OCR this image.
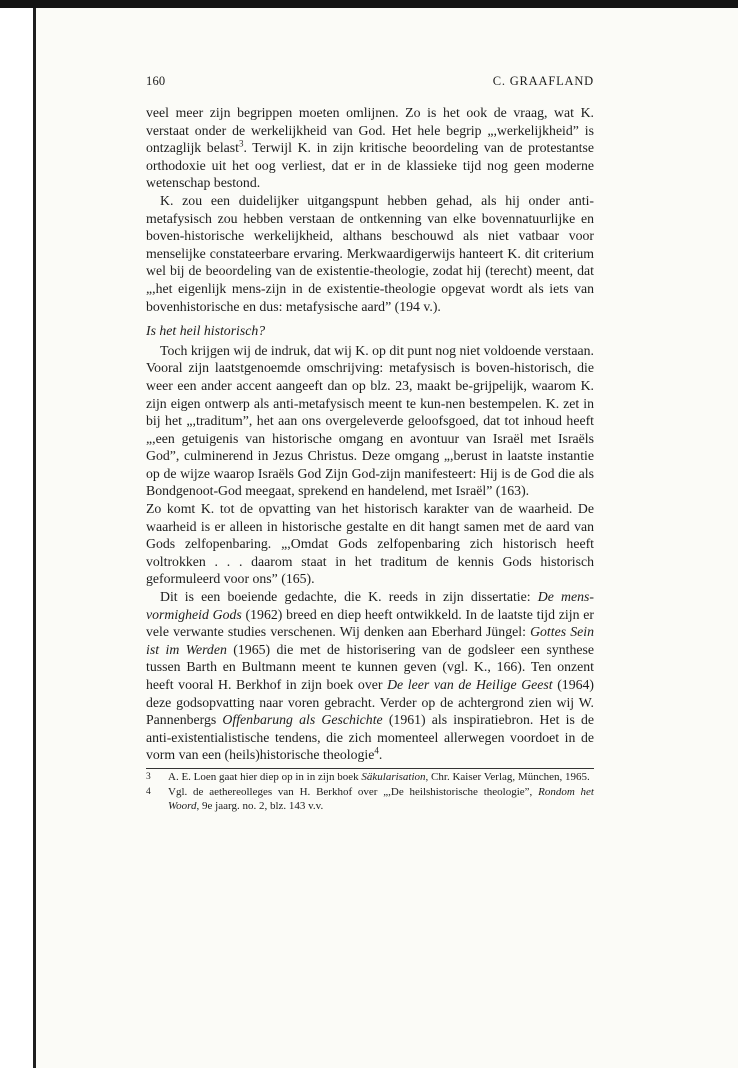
160	C. GRAAFLAND

veel meer zijn begrippen moeten omlijnen. Zo is het ook de vraag, wat K. verstaat onder de werkelijkheid van God. Het hele begrip „,werkelijkheid” is ontzaglijk belast$^3$. Terwijl K. in zijn kritische beoordeling van de protestantse orthodoxie uit het oog verliest, dat er in de klassieke tijd nog geen moderne wetenschap bestond.

K. zou een duidelijker uitgangspunt hebben gehad, als hij onder anti-metafysisch zou hebben verstaan de ontkenning van elke bovennatuurlijke en boven-historische werkelijkheid, althans beschouwd als niet vatbaar voor menselijke constateerbare ervaring. Merkwaardigerwijs hanteert K. dit criterium wel bij de beoordeling van de existentie-theologie, zodat hij (terecht) meent, dat „,het eigenlijk mens-zijn in de existentie-theologie opgevat wordt als iets van bovenhistorische en dus: metafysische aard” (194 v.).

Is het heil historisch?

Toch krijgen wij de indruk, dat wij K. op dit punt nog niet voldoende verstaan. Vooral zijn laatstgenoemde omschrijving: metafysisch is boven-historisch, die weer een ander accent aangeeft dan op blz. 23, maakt be-grijpelijk, waarom K. zijn eigen ontwerp als anti-metafysisch meent te kun-nen bestempelen. K. zet in bij het „,traditum”, het aan ons overgeleverde geloofsgoed, dat tot inhoud heeft „,een getuigenis van historische omgang en avontuur van Israël met Israëls God”, culminerend in Jezus Christus. Deze omgang „,berust in laatste instantie op de wijze waarop Israëls God Zijn God-zijn manifesteert: Hij is de God die als Bondgenoot-God meegaat, sprekend en handelend, met Israël” (163).

Zo komt K. tot de opvatting van het historisch karakter van de waarheid. De waarheid is er alleen in historische gestalte en dit hangt samen met de aard van Gods zelfopenbaring. „,Omdat Gods zelfopenbaring zich historisch heeft voltrokken . . . daarom staat in het traditum de kennis Gods historisch geformuleerd voor ons” (165).

Dit is een boeiende gedachte, die K. reeds in zijn dissertatie: De mens-vormigheid Gods (1962) breed en diep heeft ontwikkeld. In de laatste tijd zijn er vele verwante studies verschenen. Wij denken aan Eberhard Jüngel: Gottes Sein ist im Werden (1965) die met de historisering van de godsleer een synthese tussen Barth en Bultmann meent te kunnen geven (vgl. K., 166). Ten onzent heeft vooral H. Berkhof in zijn boek over De leer van de Heilige Geest (1964) deze godsopvatting naar voren gebracht. Verder op de achtergrond zien wij W. Pannenbergs Offenbarung als Geschichte (1961) als inspiratiebron. Het is de anti-existentialistische tendens, die zich momenteel allerwegen voordoet in de vorm van een (heils)historische theologie$^4$.

3	A. E. Loen gaat hier diep op in in zijn boek Säkularisation, Chr. Kaiser Verlag, München, 1965.
4	Vgl. de aethereolleges van H. Berkhof over „,De heilshistorische theologie”, Rondom het Woord, 9e jaarg. no. 2, blz. 143 v.v.
